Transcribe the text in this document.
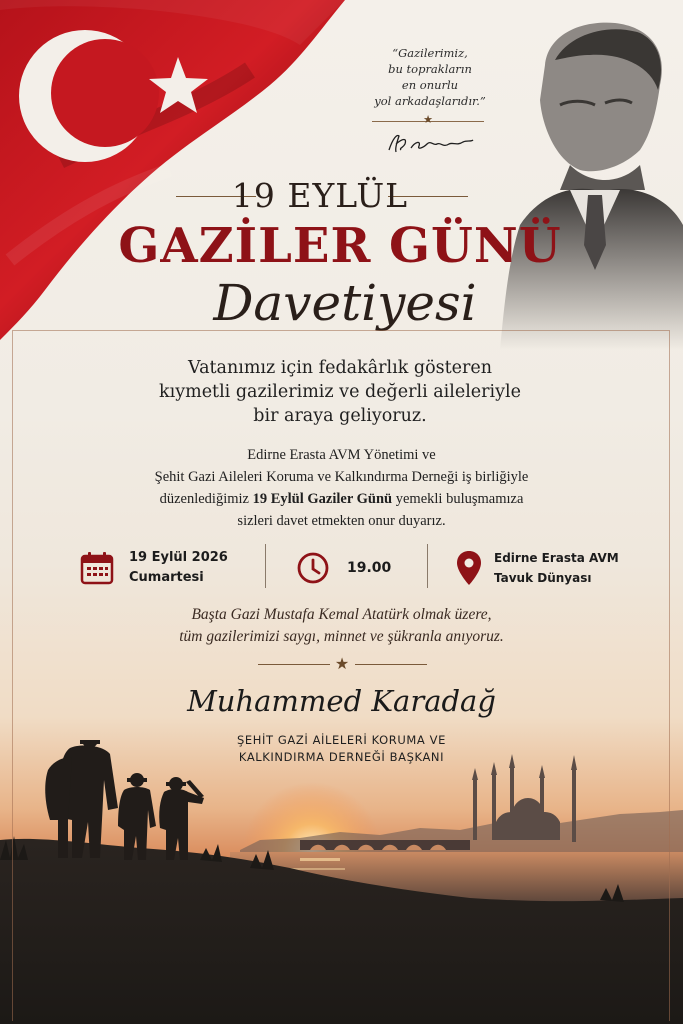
“Gazilerimiz,
bu toprakların
en onurlu
yol arkadaşlarıdır.”
★
19 EYLÜL
GAZİLER GÜNÜ
Davetiyesi
Vatanımız için fedakârlık gösteren
kıymetli gazilerimiz ve değerli aileleriyle
bir araya geliyoruz.
Edirne Erasta AVM Yönetimi ve
Şehit Gazi Aileleri Koruma ve Kalkındırma Derneği iş birliğiyle
düzenlediğimiz 19 Eylül Gaziler Günü yemekli buluşmamıza
sizleri davet etmekten onur duyarız.
19 Eylül 2026
Cumartesi
19.00
Edirne Erasta AVM
Tavuk Dünyası
Başta Gazi Mustafa Kemal Atatürk olmak üzere,
tüm gazilerimizi saygı, minnet ve şükranla anıyoruz.
★
Muhammed Karadağ
ŞEHİT GAZİ AİLELERİ KORUMA VE
KALKINDIRMA DERNEĞİ BAŞKANI
